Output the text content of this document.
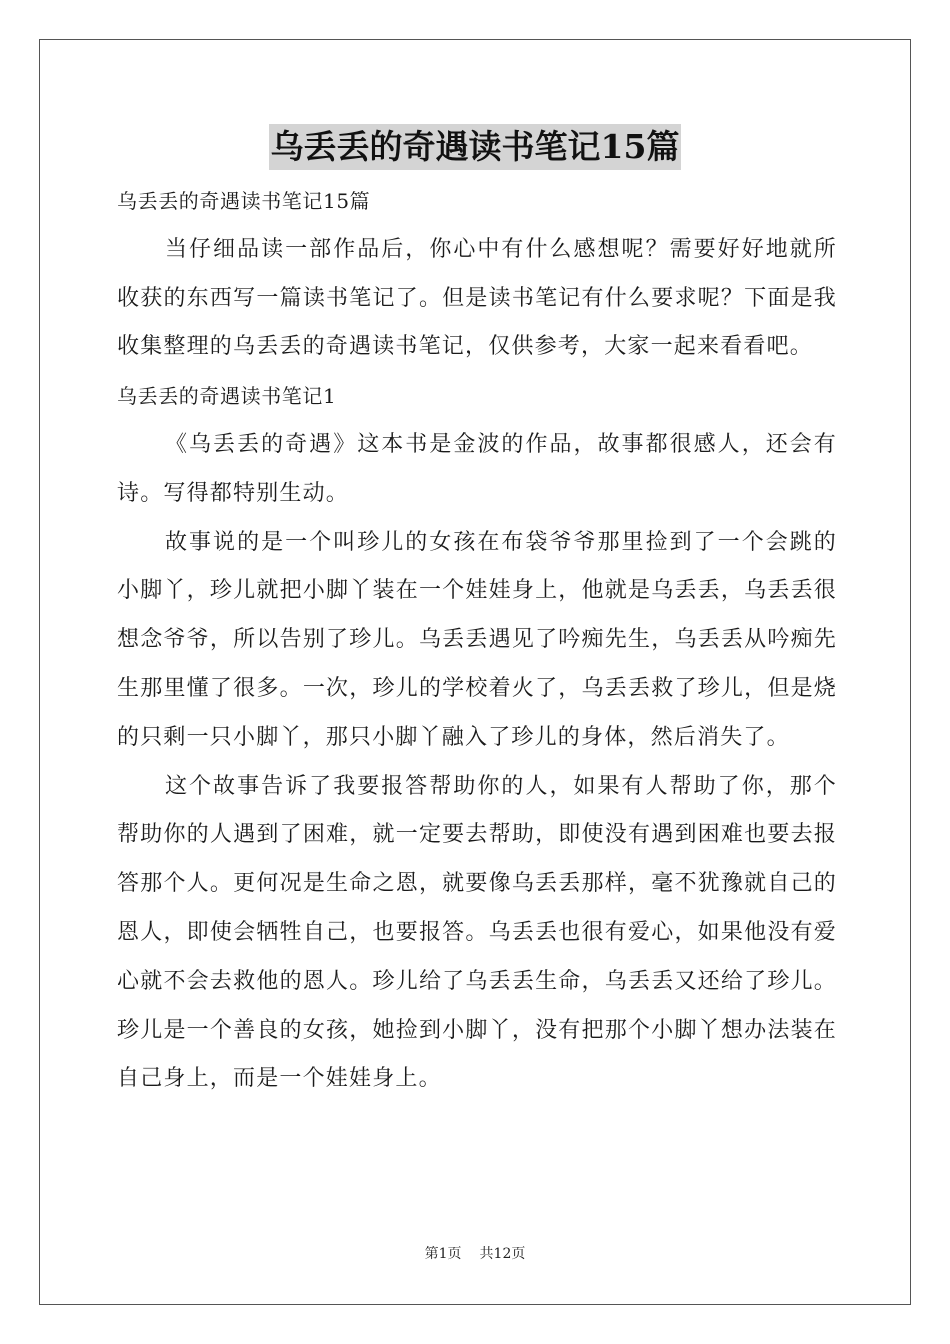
乌丢丢的奇遇读书笔记15篇

乌丢丢的奇遇读书笔记15篇

当仔细品读一部作品后，你心中有什么感想呢？需要好好地就所收获的东西写一篇读书笔记了。但是读书笔记有什么要求呢？下面是我收集整理的乌丢丢的奇遇读书笔记，仅供参考，大家一起来看看吧。

乌丢丢的奇遇读书笔记1

《乌丢丢的奇遇》这本书是金波的作品，故事都很感人，还会有诗。写得都特别生动。

故事说的是一个叫珍儿的女孩在布袋爷爷那里捡到了一个会跳的小脚丫，珍儿就把小脚丫装在一个娃娃身上，他就是乌丢丢，乌丢丢很想念爷爷，所以告别了珍儿。乌丢丢遇见了吟痴先生，乌丢丢从吟痴先生那里懂了很多。一次，珍儿的学校着火了，乌丢丢救了珍儿，但是烧的只剩一只小脚丫，那只小脚丫融入了珍儿的身体，然后消失了。

这个故事告诉了我要报答帮助你的人，如果有人帮助了你，那个帮助你的人遇到了困难，就一定要去帮助，即使没有遇到困难也要去报答那个人。更何况是生命之恩，就要像乌丢丢那样，毫不犹豫就自己的恩人，即使会牺牲自己，也要报答。乌丢丢也很有爱心，如果他没有爱心就不会去救他的恩人。珍儿给了乌丢丢生命，乌丢丢又还给了珍儿。珍儿是一个善良的女孩，她捡到小脚丫，没有把那个小脚丫想办法装在自己身上，而是一个娃娃身上。

第1页 共12页
